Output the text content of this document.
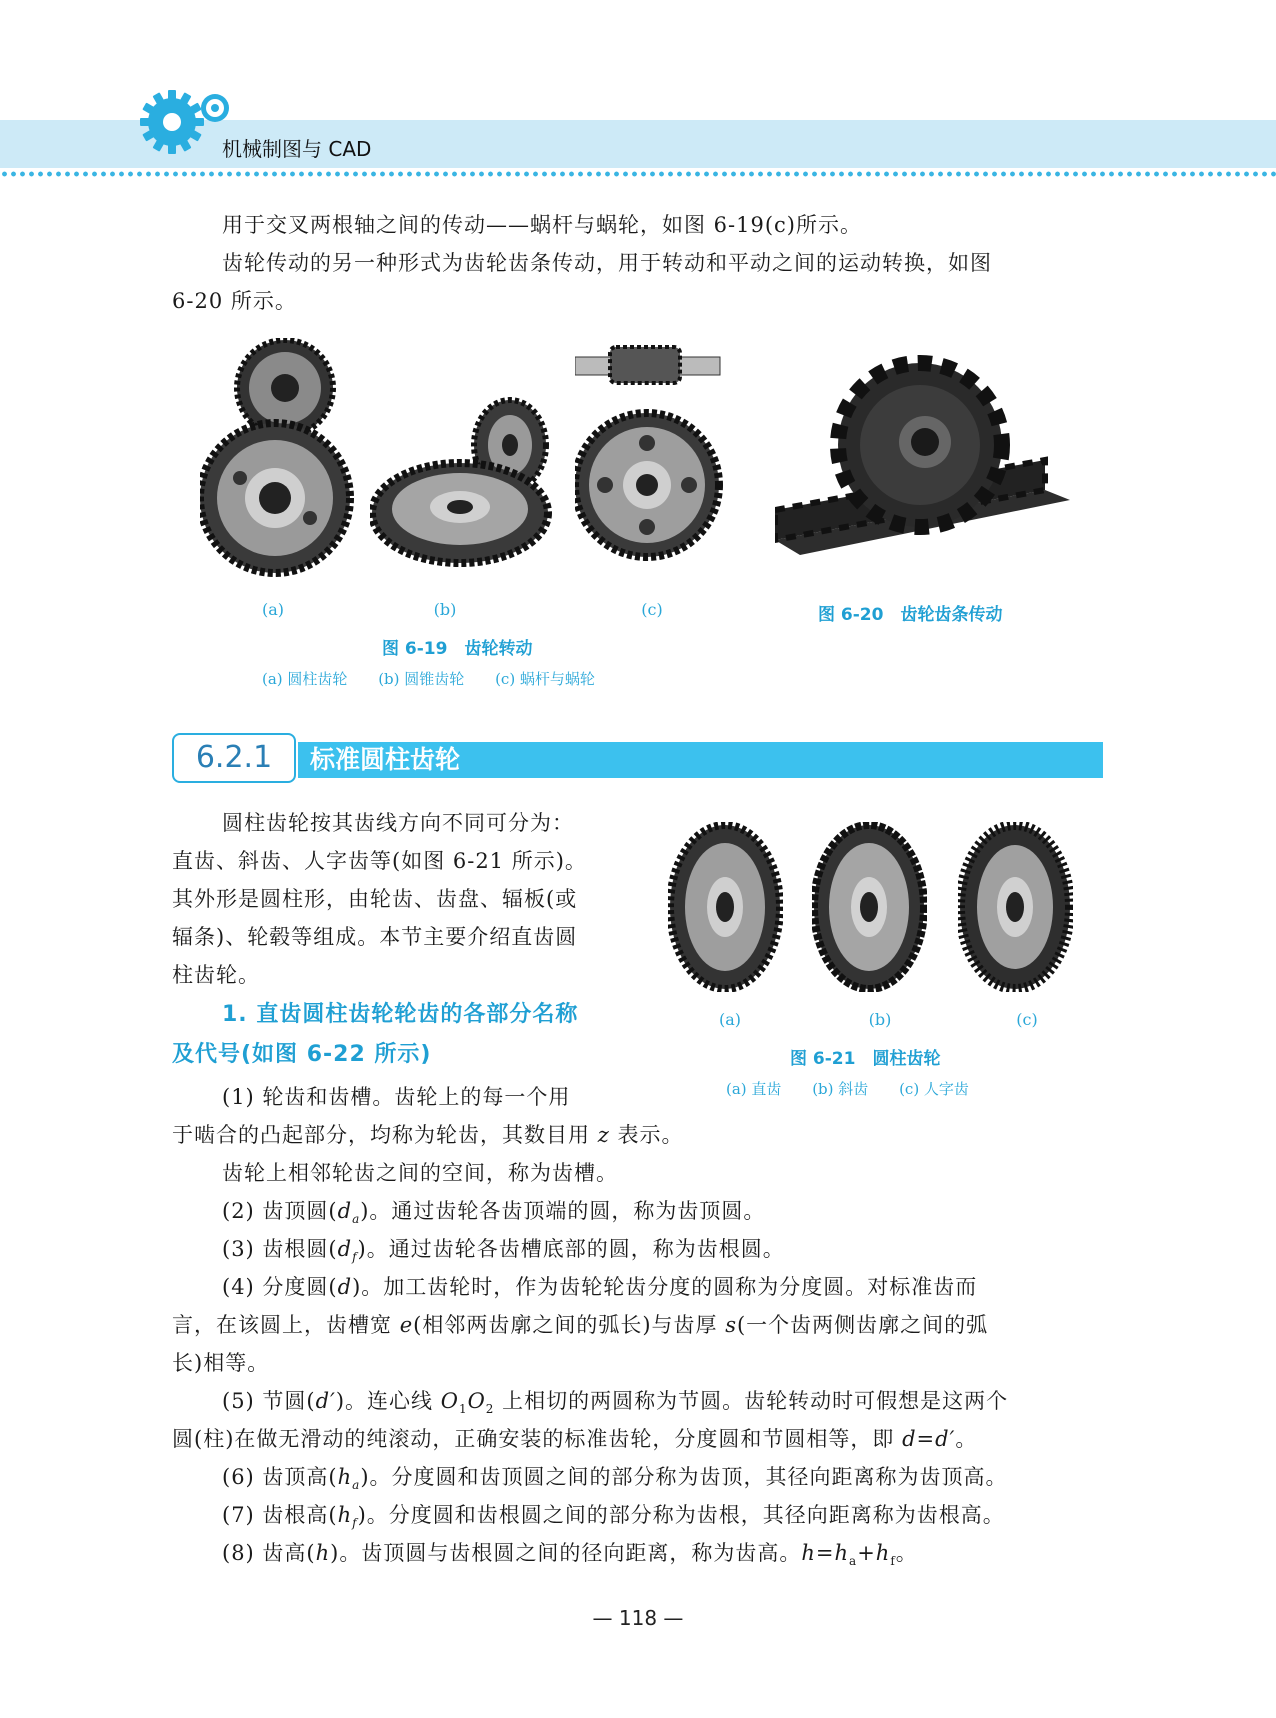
机械制图与 CAD

用于交叉两根轴之间的传动——蜗杆与蜗轮，如图 6-19(c)所示。

齿轮传动的另一种形式为齿轮齿条传动，用于转动和平动之间的运动转换，如图

6-20 所示。

(a)	(b)	(c)
图 6-19　齿轮转动
(a) 圆柱齿轮 (b) 圆锥齿轮 (c) 蜗杆与蜗轮
图 6-20　齿轮齿条传动
6.2.1	标准圆柱齿轮

圆柱齿轮按其齿线方向不同可分为：

直齿、斜齿、人字齿等(如图 6-21 所示)。

其外形是圆柱形，由轮齿、齿盘、辐板(或

辐条)、轮毂等组成。本节主要介绍直齿圆

柱齿轮。

1. 直齿圆柱齿轮轮齿的各部分名称
及代号(如图 6-22 所示)
(a)	(b)	(c)
图 6-21　圆柱齿轮
(a) 直齿 (b) 斜齿 (c) 人字齿

(1) 轮齿和齿槽。齿轮上的每一个用

于啮合的凸起部分，均称为轮齿，其数目用 z 表示。

齿轮上相邻轮齿之间的空间，称为齿槽。

(2) 齿顶圆$(d_a)$。通过齿轮各齿顶端的圆，称为齿顶圆。

(3) 齿根圆$(d_f)$。通过齿轮各齿槽底部的圆，称为齿根圆。

(4) 分度圆(d)。加工齿轮时，作为齿轮轮齿分度的圆称为分度圆。对标准齿而

言，在该圆上，齿槽宽 e(相邻两齿廓之间的弧长)与齿厚 s(一个齿两侧齿廓之间的弧

长)相等。

(5) 节圆(d′)。连心线 $O_1O_2$ 上相切的两圆称为节圆。齿轮转动时可假想是这两个

圆(柱)在做无滑动的纯滚动，正确安装的标准齿轮，分度圆和节圆相等，即 d=d′。

(6) 齿顶高$(h_a)$。分度圆和齿顶圆之间的部分称为齿顶，其径向距离称为齿顶高。

(7) 齿根高$(h_f)$。分度圆和齿根圆之间的部分称为齿根，其径向距离称为齿根高。

(8) 齿高(h)。齿顶圆与齿根圆之间的径向距离，称为齿高。$h=h_a+h_f$。

— 118 —
